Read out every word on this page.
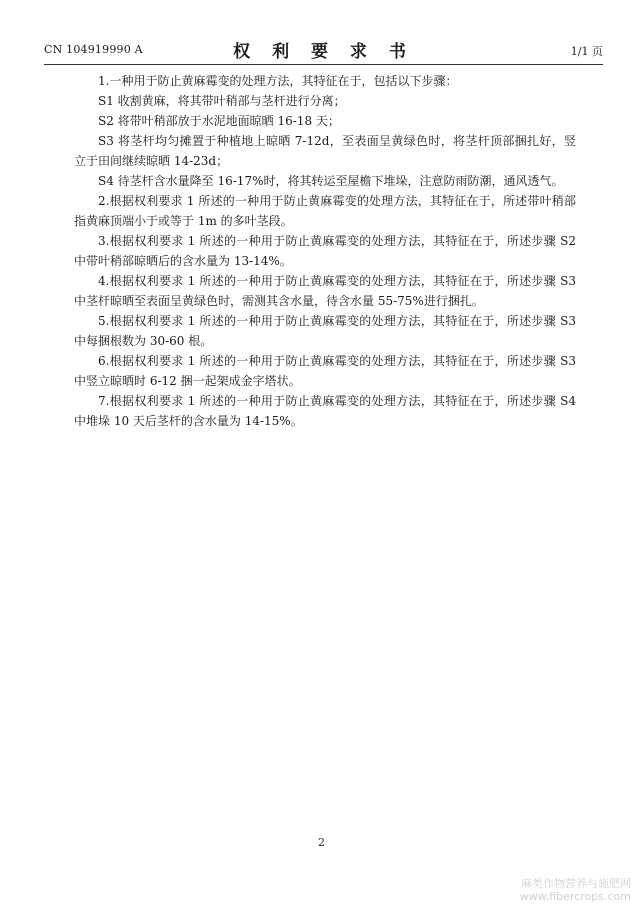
CN 104919990 A	权 利 要 求 书	1/1 页

1.一种用于防止黄麻霉变的处理方法，其特征在于，包括以下步骤：

S1 收割黄麻，将其带叶稍部与茎杆进行分离；

S2 将带叶稍部放于水泥地面晾晒 16-18 天；

S3 将茎杆均匀摊置于种植地上晾晒 7-12d，至表面呈黄绿色时，将茎杆顶部捆扎好，竖立于田间继续晾晒 14-23d；

S4 待茎杆含水量降至 16-17%时，将其转运至屋檐下堆垛，注意防雨防潮，通风透气。

2.根据权利要求 1 所述的一种用于防止黄麻霉变的处理方法，其特征在于，所述带叶稍部指黄麻顶端小于或等于 1m 的多叶茎段。

3.根据权利要求 1 所述的一种用于防止黄麻霉变的处理方法，其特征在于，所述步骤 S2 中带叶稍部晾晒后的含水量为 13-14%。

4.根据权利要求 1 所述的一种用于防止黄麻霉变的处理方法，其特征在于，所述步骤 S3 中茎杆晾晒至表面呈黄绿色时，需测其含水量，待含水量 55-75%进行捆扎。

5.根据权利要求 1 所述的一种用于防止黄麻霉变的处理方法，其特征在于，所述步骤 S3 中每捆根数为 30-60 根。

6.根据权利要求 1 所述的一种用于防止黄麻霉变的处理方法，其特征在于，所述步骤 S3 中竖立晾晒时 6-12 捆一起架成金字塔状。

7.根据权利要求 1 所述的一种用于防止黄麻霉变的处理方法，其特征在于，所述步骤 S4 中堆垛 10 天后茎杆的含水量为 14-15%。

2
麻类作物营养与施肥网
www.fibercrops.com
